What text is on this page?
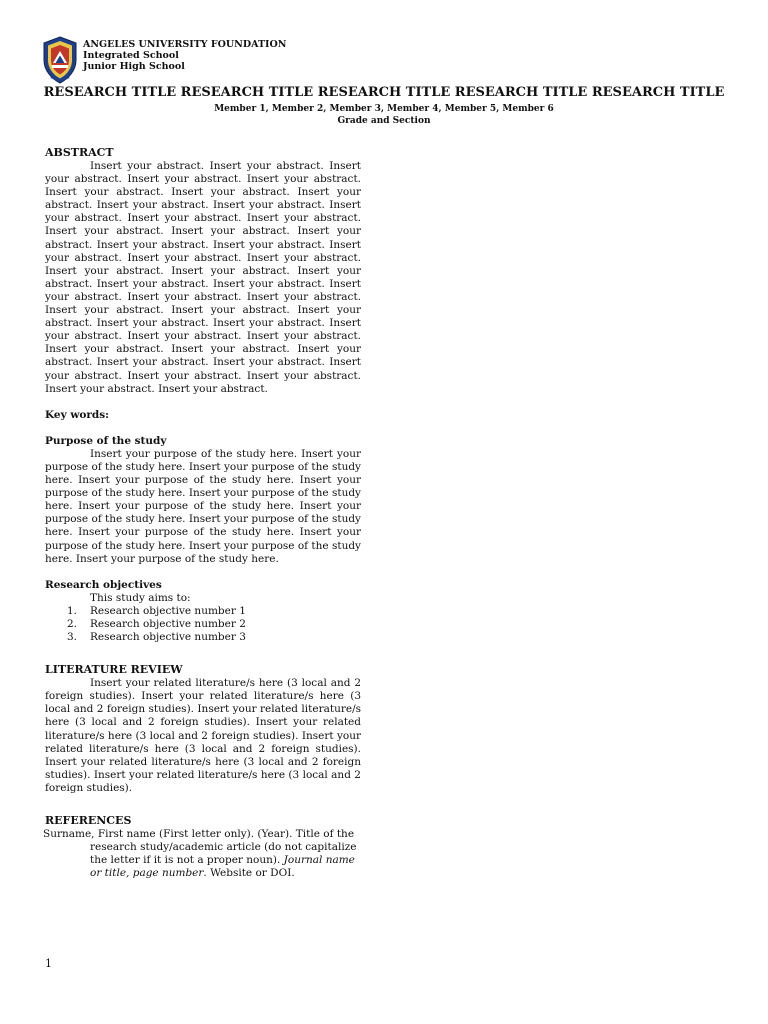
ANGELES UNIVERSITY FOUNDATION
Integrated School
Junior High School
RESEARCH TITLE RESEARCH TITLE RESEARCH TITLE RESEARCH TITLE RESEARCH TITLE
Member 1, Member 2, Member 3, Member 4, Member 5, Member 6
Grade and Section
ABSTRACT

Insert your abstract. Insert your abstract. Insert your abstract. Insert your abstract. Insert your abstract. Insert your abstract. Insert your abstract. Insert your abstract. Insert your abstract. Insert your abstract. Insert your abstract. Insert your abstract. Insert your abstract. Insert your abstract. Insert your abstract. Insert your abstract. Insert your abstract. Insert your abstract. Insert your abstract. Insert your abstract. Insert your abstract. Insert your abstract. Insert your abstract. Insert your abstract. Insert your abstract. Insert your abstract. Insert your abstract. Insert your abstract. Insert your abstract. Insert your abstract. Insert your abstract. Insert your abstract. Insert your abstract. Insert your abstract. Insert your abstract. Insert your abstract. Insert your abstract. Insert your abstract. Insert your abstract. Insert your abstract. Insert your abstract. Insert your abstract. Insert your abstract. Insert your abstract. Insert your abstract. Insert your abstract. Insert your abstract.

Key words:
Purpose of the study

Insert your purpose of the study here. Insert your purpose of the study here. Insert your purpose of the study here. Insert your purpose of the study here. Insert your purpose of the study here. Insert your purpose of the study here. Insert your purpose of the study here. Insert your purpose of the study here. Insert your purpose of the study here. Insert your purpose of the study here. Insert your purpose of the study here. Insert your purpose of the study here. Insert your purpose of the study here.

Research objectives
This study aims to:
1. Research objective number 1
2. Research objective number 2
3. Research objective number 3
LITERATURE REVIEW

Insert your related literature/s here (3 local and 2 foreign studies). Insert your related literature/s here (3 local and 2 foreign studies). Insert your related literature/s here (3 local and 2 foreign studies). Insert your related literature/s here (3 local and 2 foreign studies). Insert your related literature/s here (3 local and 2 foreign studies). Insert your related literature/s here (3 local and 2 foreign studies). Insert your related literature/s here (3 local and 2 foreign studies).

REFERENCES
Surname, First name (First letter only). (Year). Title of the research study/academic article (do not capitalize the letter if it is not a proper noun). Journal name or title, page number. Website or DOI.
1
